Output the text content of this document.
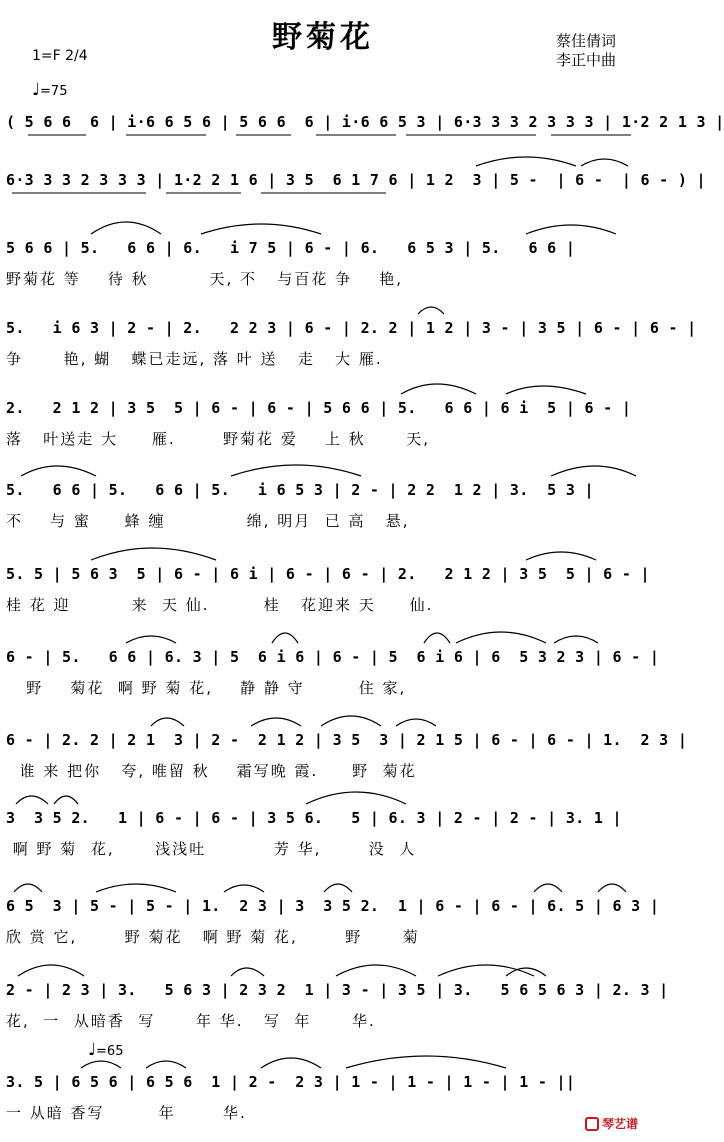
野菊花
1=F 2/4
♩=75
蔡佳倩词
李正中曲
( 5 6 6  6 | i·6 6 5 6 | 5 6 6  6 | i·6 6 5 3 | 6·3 3 3 2 3 3 3 | 1·2 2 1 3 |
6·3 3 3 2 3 3 3 | 1·2 2 1 6 | 3 5  6 1 7 6 | 1 2  3 | 5 -  | 6 -  | 6 - ) |
5 6 6 | 5.   6 6 | 6.   i 7 5 | 6 - | 6.   6 5 3 | 5.   6 6 |
野菊花 等    待 秋         天, 不   与百花 争    艳,
5.   i 6 3 | 2 - | 2.   2 2 3 | 6 - | 2. 2 | 1 2 | 3 - | 3 5 | 6 - | 6 - |
争      艳, 蝴   蝶已走远, 落 叶 送   走   大 雁.
2.   2 1 2 | 3 5  5 | 6 - | 6 - | 5 6 6 | 5.   6 6 | 6 i  5 | 6 - |
落   叶送走 大     雁.       野菊花 爱    上 秋      天,
5.   6 6 | 5.   6 6 | 5.   i 6 5 3 | 2 - | 2 2  1 2 | 3.  5 3 |
不    与 蜜     蜂 缠            绵, 明月  已 高   悬,
5. 5 | 5 6 3  5 | 6 - | 6 i | 6 - | 6 - | 2.   2 1 2 | 3 5  5 | 6 - |
桂 花 迎         来  天 仙.        桂   花迎来 天     仙.
6 - | 5.   6 6 | 6. 3 | 5  6 i 6 | 6 - | 5  6 i 6 | 6  5 3 2 3 | 6 - |
野    菊花  啊 野 菊 花,    静 静 守        住 家,
6 - | 2. 2 | 2 1  3 | 2 -  2 1 2 | 3 5  3 | 2 1 5 | 6 - | 6 - | 1.  2 3 |
谁 来 把你   夸, 唯留 秋    霜写晚 霞.     野  菊花
3  3 5 2.   1 | 6 - | 6 - | 3 5 6.   5 | 6. 3 | 2 - | 2 - | 3. 1 |
啊 野 菊  花,      浅浅吐          芳 华,       没  人
6 5  3 | 5 - | 5 - | 1.  2 3 | 3  3 5 2.  1 | 6 - | 6 - | 6. 5 | 6 3 |
欣 赏 它,       野 菊花   啊 野 菊 花,       野      菊
2 - | 2 3 | 3.   5 6 3 | 2 3 2  1 | 3 - | 3 5 | 3.   5 6 5 6 3 | 2. 3 |
花,  一  从暗香  写      年 华.   写  年      华.
♩=65
3. 5 | 6 5 6 | 6 5 6  1 | 2 -  2 3 | 1 - | 1 - | 1 - | 1 - ||
一 从暗 香写        年       华.
琴艺谱
